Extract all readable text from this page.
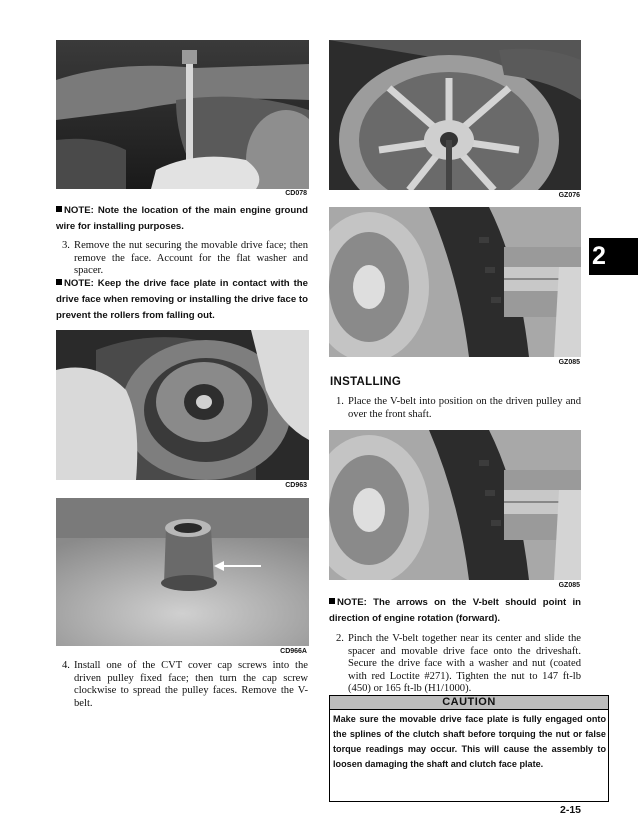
CD078
NOTE: Note the location of the main engine ground wire for installing purposes.
3. Remove the nut securing the movable drive face; then remove the face. Account for the flat washer and spacer.
NOTE: Keep the drive face plate in contact with the drive face when removing or installing the drive face to prevent the rollers from falling out.
CD963
CD966A
4. Install one of the CVT cover cap screws into the driven pulley fixed face; then turn the cap screw clockwise to spread the pulley faces. Remove the V-belt.
GZ076
GZ085
INSTALLING
1. Place the V-belt into position on the driven pulley and over the front shaft.
GZ085
NOTE: The arrows on the V-belt should point in direction of engine rotation (forward).
2. Pinch the V-belt together near its center and slide the spacer and movable drive face onto the driveshaft. Secure the drive face with a washer and nut (coated with red Loctite #271). Tighten the nut to 147 ft-lb (450) or 165 ft-lb (H1/1000).
CAUTION
Make sure the movable drive face plate is fully engaged onto the splines of the clutch shaft before torquing the nut or false torque readings may occur. This will cause the assembly to loosen damaging the shaft and clutch face plate.
2
2-15
